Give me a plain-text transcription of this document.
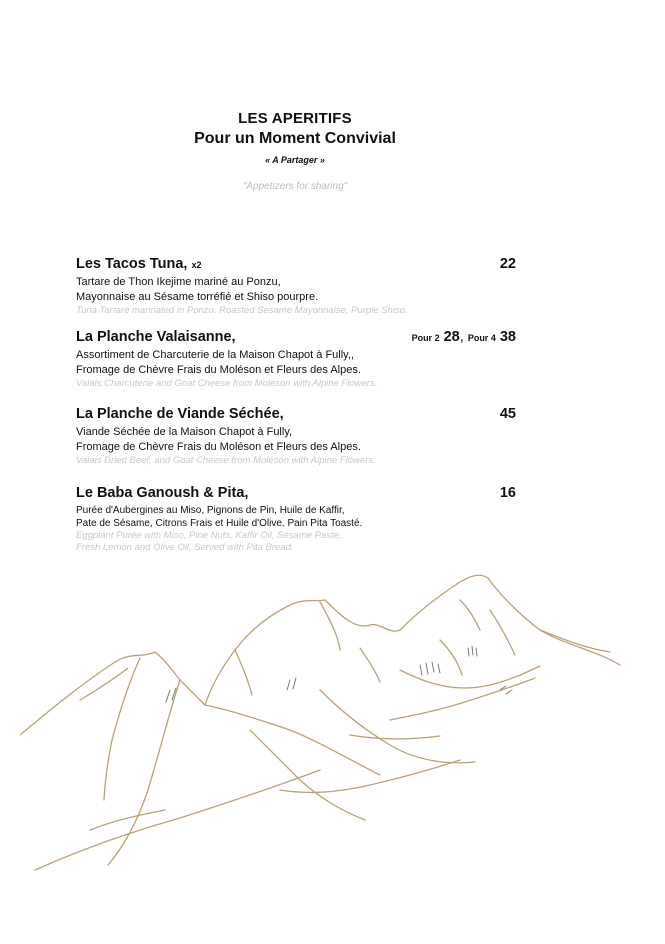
LES APERITIFS
Pour un Moment Convivial
« A Partager »
"Appetizers for sharing"
Les Tacos Tuna, x2	22
Tartare de Thon Ikejime mariné au Ponzu,
Mayonnaise au Sésame torréfié et Shiso pourpre.
Tuna Tartare marinated in Ponzu, Roasted Sesame Mayonnaise, Purple Shiso.
La Planche Valaisanne,	Pour 2 28, Pour 4 38
Assortiment de Charcuterie de la Maison Chapot à Fully,,
Fromage de Chèvre Frais du Moléson et Fleurs des Alpes.
Valais Charcuterie and Goat Cheese from Moléson with Alpine Flowers.
La Planche de Viande Séchée,	45
Viande Séchée de la Maison Chapot à Fully,
Fromage de Chèvre Frais du Moléson et Fleurs des Alpes.
Valais Dried Beef, and Goat Cheese from Moléson with Alpine Flowers.
Le Baba Ganoush & Pita,	16
Purée d'Aubergines au Miso, Pignons de Pin, Huile de Kaffir,
Pate de Sésame, Citrons Frais et Huile d'Olive. Pain Pita Toasté.
Eggplant Purée with Miso, Pine Nuts, Kaffir Oil, Sesame Paste,
Fresh Lemon and Olive Oil, Served with Pita Bread.
